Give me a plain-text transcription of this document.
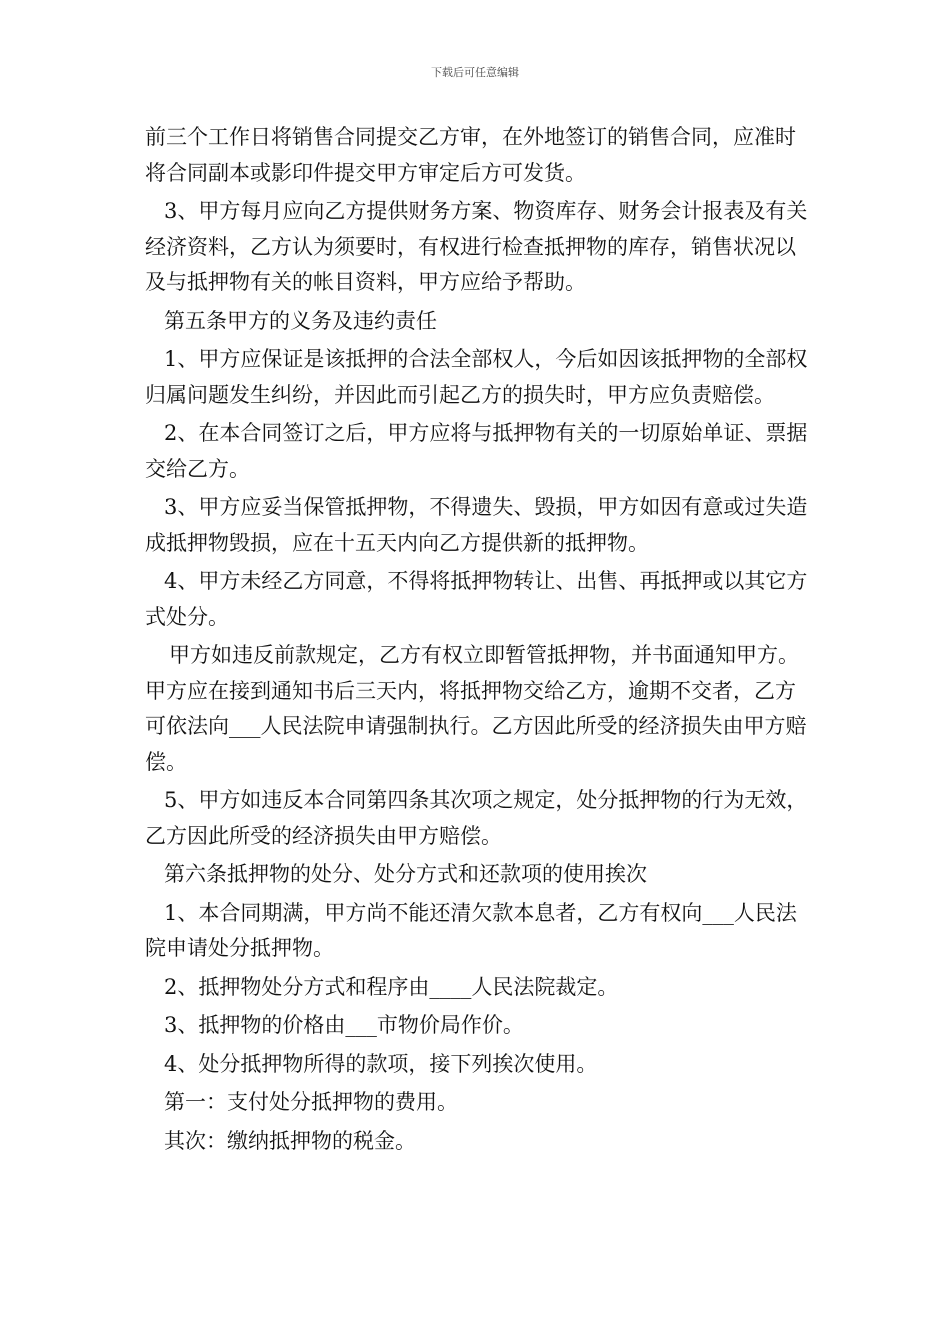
下载后可任意编辑

前三个工作日将销售合同提交乙方审，在外地签订的销售合同，应准时将合同副本或影印件提交甲方审定后方可发货。

3、甲方每月应向乙方提供财务方案、物资库存、财务会计报表及有关经济资料，乙方认为须要时，有权进行检查抵押物的库存，销售状况以及与抵押物有关的帐目资料，甲方应给予帮助。

第五条甲方的义务及违约责任

1、甲方应保证是该抵押的合法全部权人，今后如因该抵押物的全部权归属问题发生纠纷，并因此而引起乙方的损失时，甲方应负责赔偿。

2、在本合同签订之后，甲方应将与抵押物有关的一切原始单证、票据交给乙方。

3、甲方应妥当保管抵押物，不得遗失、毁损，甲方如因有意或过失造成抵押物毁损，应在十五天内向乙方提供新的抵押物。

4、甲方未经乙方同意，不得将抵押物转让、出售、再抵押或以其它方式处分。

甲方如违反前款规定，乙方有权立即暂管抵押物，并书面通知甲方。甲方应在接到通知书后三天内，将抵押物交给乙方，逾期不交者，乙方可依法向___人民法院申请强制执行。乙方因此所受的经济损失由甲方赔偿。

5、甲方如违反本合同第四条其次项之规定，处分抵押物的行为无效，乙方因此所受的经济损失由甲方赔偿。

第六条抵押物的处分、处分方式和还款项的使用挨次

1、本合同期满，甲方尚不能还清欠款本息者，乙方有权向___人民法院申请处分抵押物。

2、抵押物处分方式和程序由____人民法院裁定。

3、抵押物的价格由___市物价局作价。

4、处分抵押物所得的款项，接下列挨次使用。

第一：支付处分抵押物的费用。

其次：缴纳抵押物的税金。
